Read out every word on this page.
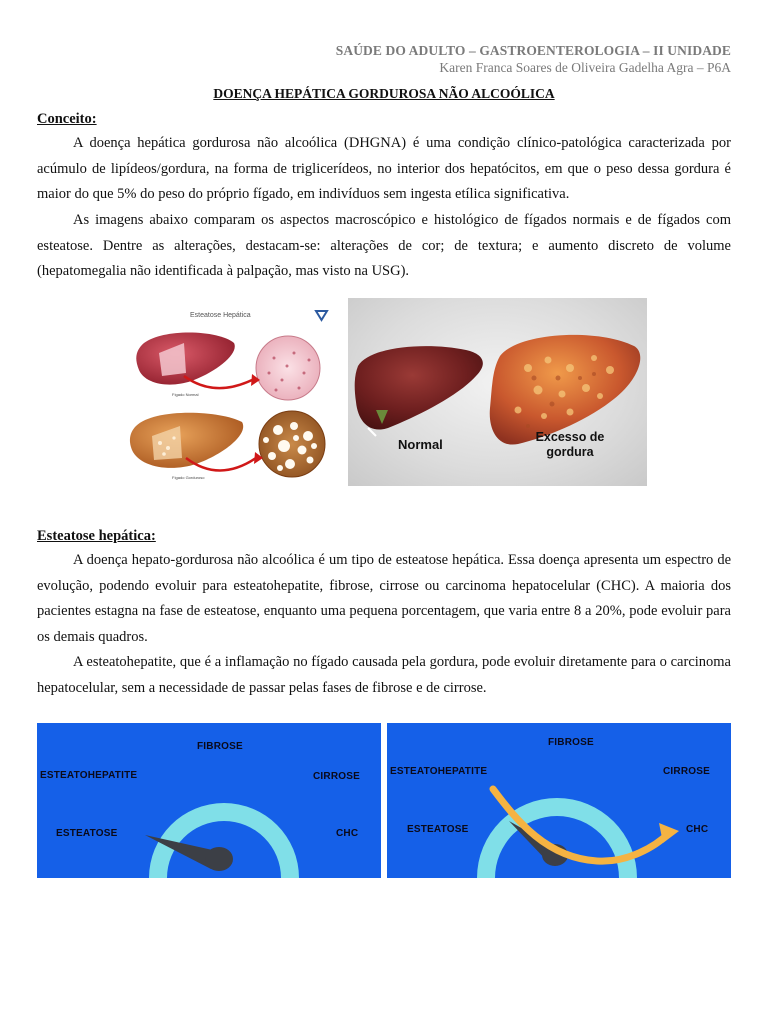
SAÚDE DO ADULTO – GASTROENTEROLOGIA – II UNIDADE
Karen Franca Soares de Oliveira Gadelha Agra – P6A
DOENÇA HEPÁTICA GORDUROSA NÃO ALCOÓLICA
Conceito:

A doença hepática gordurosa não alcoólica (DHGNA) é uma condição clínico-patológica caracterizada por acúmulo de lipídeos/gordura, na forma de triglicerídeos, no interior dos hepatócitos, em que o peso dessa gordura é maior do que 5% do peso do próprio fígado, em indivíduos sem ingesta etílica significativa.

As imagens abaixo comparam os aspectos macroscópico e histológico de fígados normais e de fígados com esteatose. Dentre as alterações, destacam-se: alterações de cor; de textura; e aumento discreto de volume (hepatomegalia não identificada à palpação, mas visto na USG).

Esteatose Hepática
Fígado Normal
Fígado Gorduroso
Normal	Excesso de
gordura
Esteatose hepática:

A doença hepato-gordurosa não alcoólica é um tipo de esteatose hepática. Essa doença apresenta um espectro de evolução, podendo evoluir para esteatohepatite, fibrose, cirrose ou carcinoma hepatocelular (CHC). A maioria dos pacientes estagna na fase de esteatose, enquanto uma pequena porcentagem, que varia entre 8 a 20%, pode evoluir para os demais quadros.

A esteatohepatite, que é a inflamação no fígado causada pela gordura, pode evoluir diretamente para o carcinoma hepatocelular, sem a necessidade de passar pelas fases de fibrose e de cirrose.

FIBROSE
ESTEATOHEPATITE	CIRROSE
ESTEATOSE	CHC
FIBROSE
ESTEATOHEPATITE	CIRROSE
ESTEATOSE	CHC
